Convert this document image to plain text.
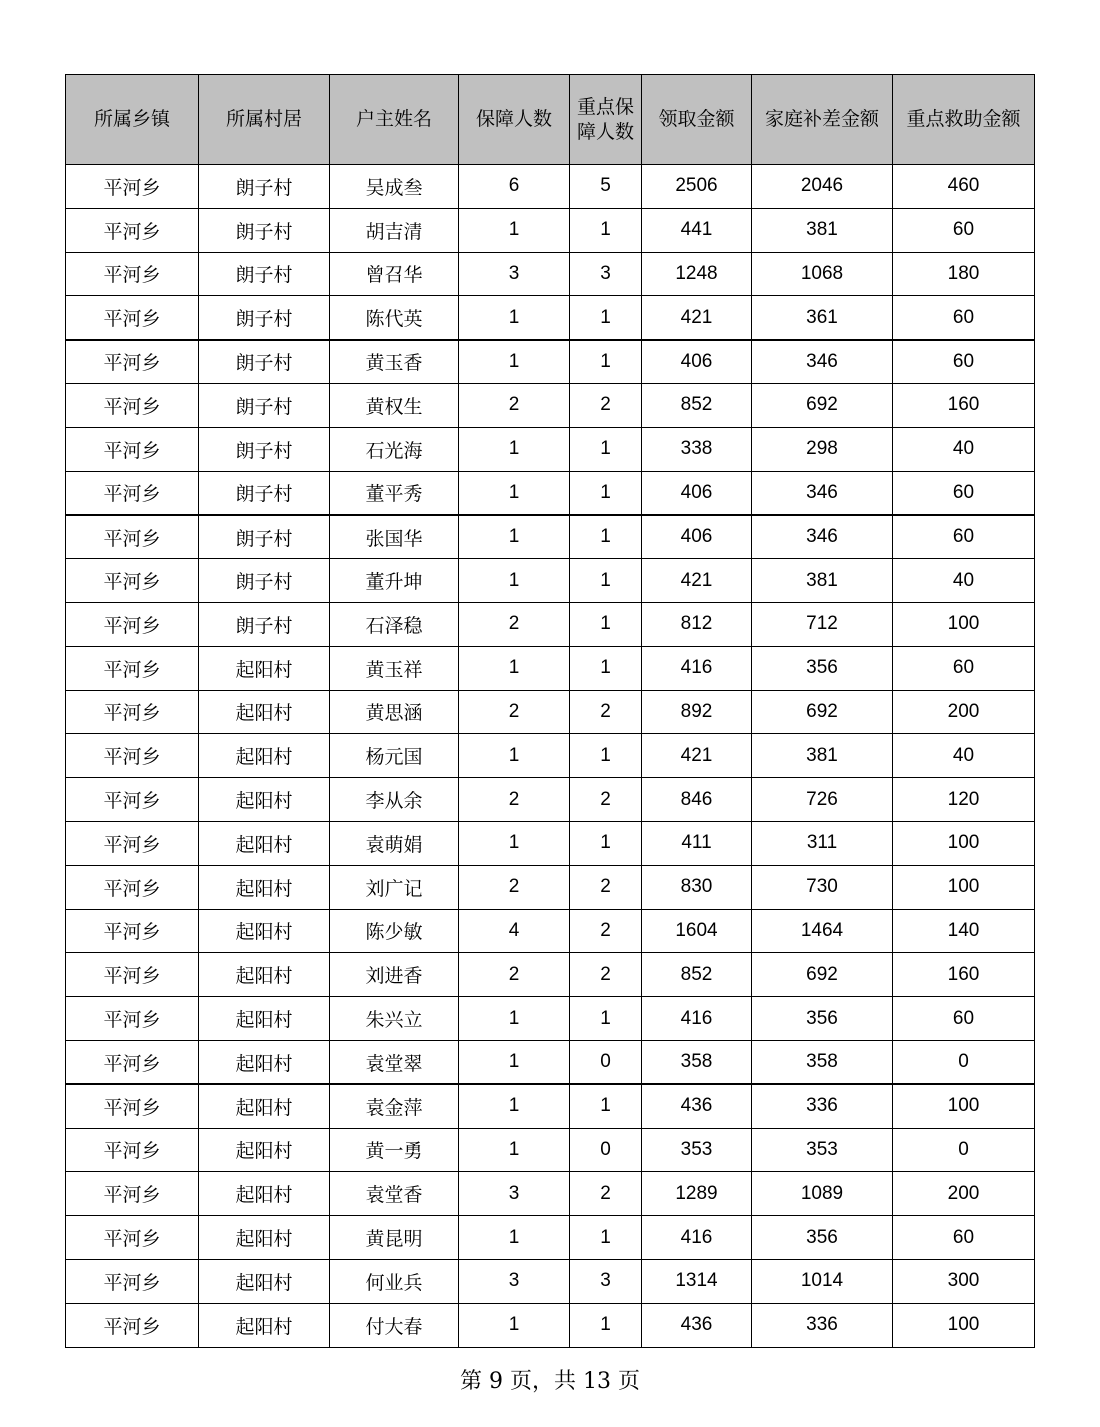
所属乡镇	所属村居	户主姓名	保障人数	重点保障人数	领取金额	家庭补差金额	重点救助金额
平河乡	朗子村	吴成叁	6	5	2506	2046	460
平河乡	朗子村	胡吉清	1	1	441	381	60
平河乡	朗子村	曾召华	3	3	1248	1068	180
平河乡	朗子村	陈代英	1	1	421	361	60
平河乡	朗子村	黄玉香	1	1	406	346	60
平河乡	朗子村	黄权生	2	2	852	692	160
平河乡	朗子村	石光海	1	1	338	298	40
平河乡	朗子村	董平秀	1	1	406	346	60
平河乡	朗子村	张国华	1	1	406	346	60
平河乡	朗子村	董升坤	1	1	421	381	40
平河乡	朗子村	石泽稳	2	1	812	712	100
平河乡	起阳村	黄玉祥	1	1	416	356	60
平河乡	起阳村	黄思涵	2	2	892	692	200
平河乡	起阳村	杨元国	1	1	421	381	40
平河乡	起阳村	李从余	2	2	846	726	120
平河乡	起阳村	袁萌娟	1	1	411	311	100
平河乡	起阳村	刘广记	2	2	830	730	100
平河乡	起阳村	陈少敏	4	2	1604	1464	140
平河乡	起阳村	刘进香	2	2	852	692	160
平河乡	起阳村	朱兴立	1	1	416	356	60
平河乡	起阳村	袁堂翠	1	0	358	358	0
平河乡	起阳村	袁金萍	1	1	436	336	100
平河乡	起阳村	黄一勇	1	0	353	353	0
平河乡	起阳村	袁堂香	3	2	1289	1089	200
平河乡	起阳村	黄昆明	1	1	416	356	60
平河乡	起阳村	何业兵	3	3	1314	1014	300
平河乡	起阳村	付大春	1	1	436	336	100
第 9 页，共 13 页
